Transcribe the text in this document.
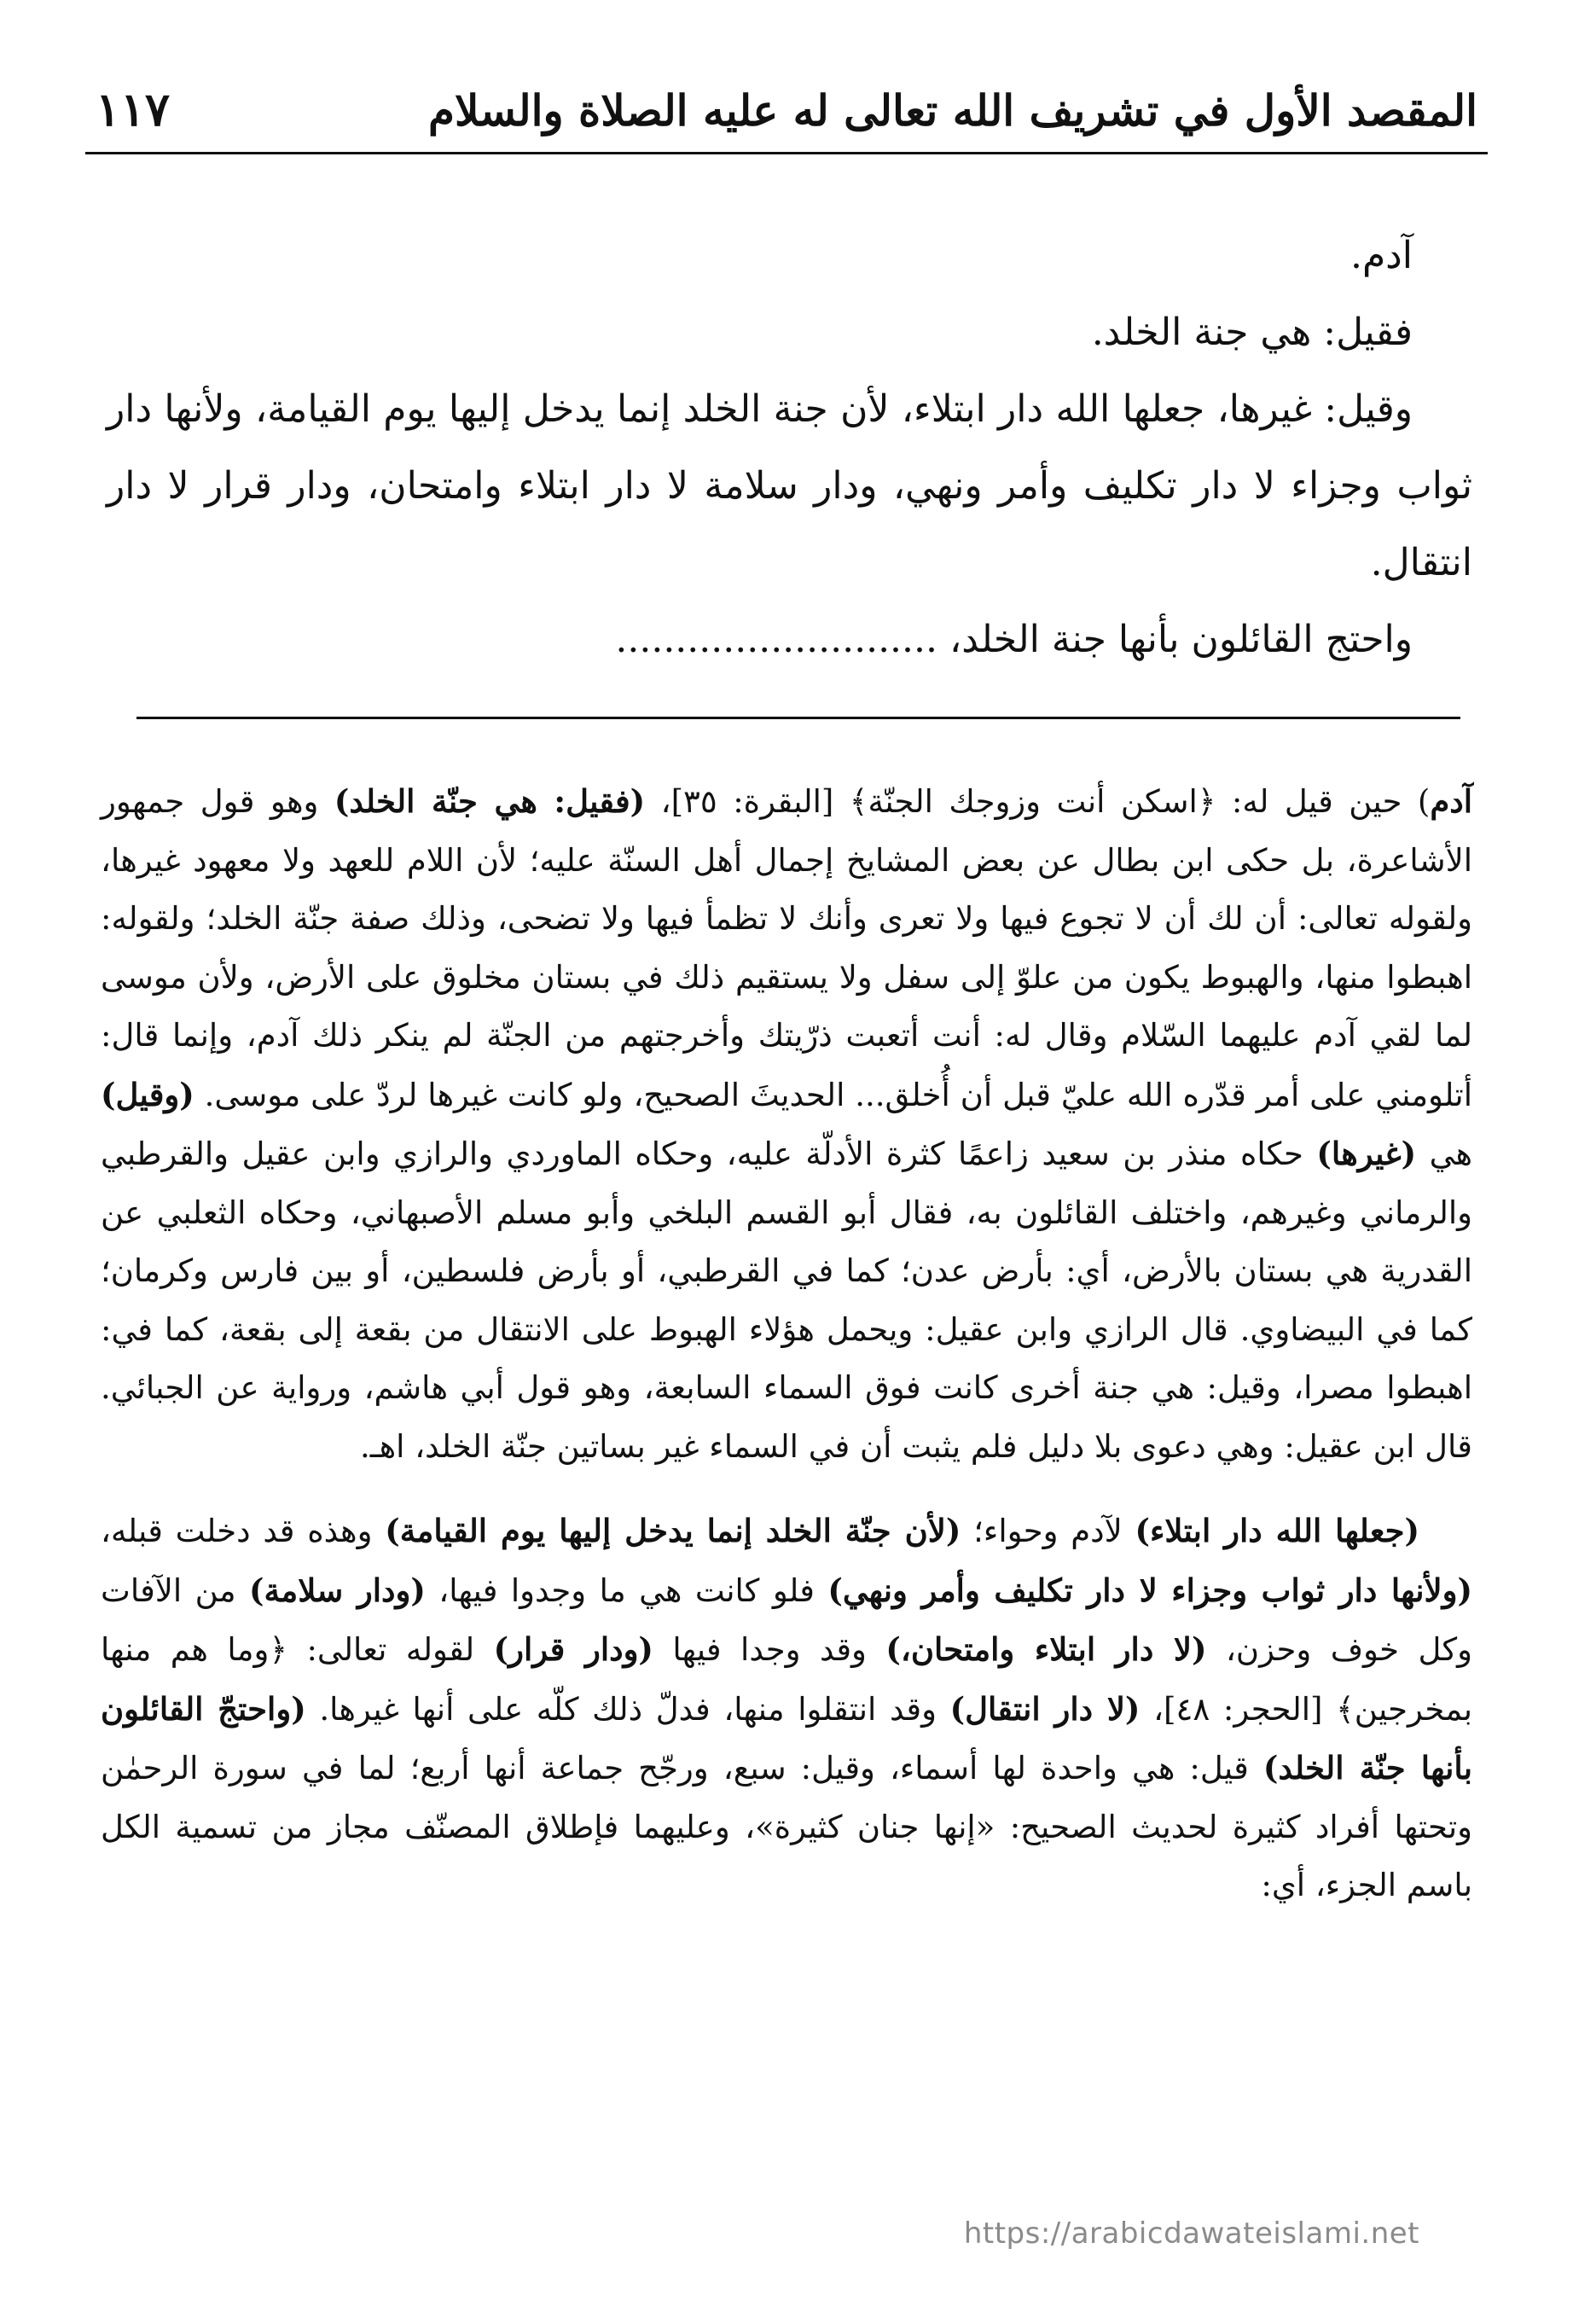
المقصد الأول في تشريف الله تعالى له عليه الصلاة والسلام
١١٧

آدم.

فقيل: هي جنة الخلد.

وقيل: غيرها، جعلها الله دار ابتلاء، لأن جنة الخلد إنما يدخل إليها يوم القيامة، ولأنها دار ثواب وجزاء لا دار تكليف وأمر ونهي، ودار سلامة لا دار ابتلاء وامتحان، ودار قرار لا دار انتقال.

واحتج القائلون بأنها جنة الخلد، ...........................

آدم) حين قيل له: ﴿اسكن أنت وزوجك الجنّة﴾ [البقرة: ٣٥]، (فقيل: هي جنّة الخلد) وهو قول جمهور الأشاعرة، بل حكى ابن بطال عن بعض المشايخ إجمال أهل السنّة عليه؛ لأن اللام للعهد ولا معهود غيرها، ولقوله تعالى: أن لك أن لا تجوع فيها ولا تعرى وأنك لا تظمأ فيها ولا تضحى، وذلك صفة جنّة الخلد؛ ولقوله: اهبطوا منها، والهبوط يكون من علوّ إلى سفل ولا يستقيم ذلك في بستان مخلوق على الأرض، ولأن موسى لما لقي آدم عليهما السّلام وقال له: أنت أتعبت ذرّيتك وأخرجتهم من الجنّة لم ينكر ذلك آدم، وإنما قال: أتلومني على أمر قدّره الله عليّ قبل أن أُخلق... الحديثَ الصحيح، ولو كانت غيرها لردّ على موسى. (وقيل) هي (غيرها) حكاه منذر بن سعيد زاعمًا كثرة الأدلّة عليه، وحكاه الماوردي والرازي وابن عقيل والقرطبي والرماني وغيرهم، واختلف القائلون به، فقال أبو القسم البلخي وأبو مسلم الأصبهاني، وحكاه الثعلبي عن القدرية هي بستان بالأرض، أي: بأرض عدن؛ كما في القرطبي، أو بأرض فلسطين، أو بين فارس وكرمان؛ كما في البيضاوي. قال الرازي وابن عقيل: ويحمل هؤلاء الهبوط على الانتقال من بقعة إلى بقعة، كما في: اهبطوا مصرا، وقيل: هي جنة أخرى كانت فوق السماء السابعة، وهو قول أبي هاشم، ورواية عن الجبائي. قال ابن عقيل: وهي دعوى بلا دليل فلم يثبت أن في السماء غير بساتين جنّة الخلد، اهـ.

(جعلها الله دار ابتلاء) لآدم وحواء؛ (لأن جنّة الخلد إنما يدخل إليها يوم القيامة) وهذه قد دخلت قبله، (ولأنها دار ثواب وجزاء لا دار تكليف وأمر ونهي) فلو كانت هي ما وجدوا فيها، (ودار سلامة) من الآفات وكل خوف وحزن، (لا دار ابتلاء وامتحان،) وقد وجدا فيها (ودار قرار) لقوله تعالى: ﴿وما هم منها بمخرجين﴾ [الحجر: ٤٨]، (لا دار انتقال) وقد انتقلوا منها، فدلّ ذلك كلّه على أنها غيرها. (واحتجّ القائلون بأنها جنّة الخلد) قيل: هي واحدة لها أسماء، وقيل: سبع، ورجّح جماعة أنها أربع؛ لما في سورة الرحمٰن وتحتها أفراد كثيرة لحديث الصحيح: «إنها جنان كثيرة»، وعليهما فإطلاق المصنّف مجاز من تسمية الكل باسم الجزء، أي:

https://arabicdawateislami.net
